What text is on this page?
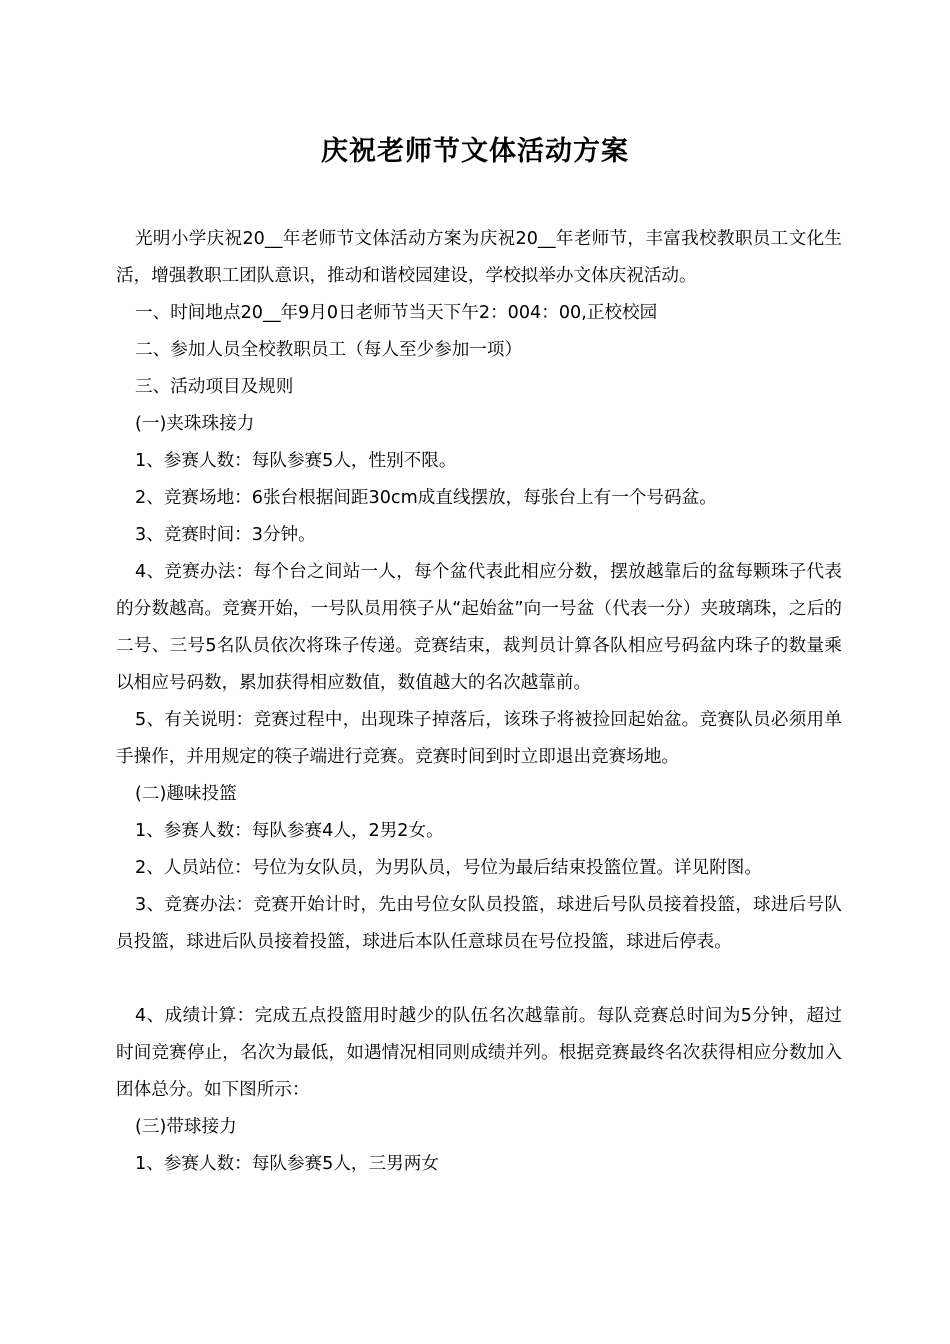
庆祝老师节文体活动方案

光明小学庆祝20__年老师节文体活动方案为庆祝20__年老师节，丰富我校教职员工文化生活，增强教职工团队意识，推动和谐校园建设，学校拟举办文体庆祝活动。

一、时间地点20__年9月0日老师节当天下午2：004：00,正校校园

二、参加人员全校教职员工（每人至少参加一项）

三、活动项目及规则

(一)夹珠珠接力

1、参赛人数：每队参赛5人，性别不限。

2、竞赛场地：6张台根据间距30cm成直线摆放，每张台上有一个号码盆。

3、竞赛时间：3分钟。

4、竞赛办法：每个台之间站一人，每个盆代表此相应分数，摆放越靠后的盆每颗珠子代表的分数越高。竞赛开始，一号队员用筷子从“起始盆”向一号盆（代表一分）夹玻璃珠，之后的二号、三号5名队员依次将珠子传递。竞赛结束，裁判员计算各队相应号码盆内珠子的数量乘以相应号码数，累加获得相应数值，数值越大的名次越靠前。

5、有关说明：竞赛过程中，出现珠子掉落后，该珠子将被捡回起始盆。竞赛队员必须用单手操作，并用规定的筷子端进行竞赛。竞赛时间到时立即退出竞赛场地。

(二)趣味投篮

1、参赛人数：每队参赛4人，2男2女。

2、人员站位：号位为女队员，为男队员，号位为最后结束投篮位置。详见附图。

3、竞赛办法：竞赛开始计时，先由号位女队员投篮，球进后号队员接着投篮，球进后号队员投篮，球进后队员接着投篮，球进后本队任意球员在号位投篮，球进后停表。

4、成绩计算：完成五点投篮用时越少的队伍名次越靠前。每队竞赛总时间为5分钟，超过时间竞赛停止，名次为最低，如遇情况相同则成绩并列。根据竞赛最终名次获得相应分数加入团体总分。如下图所示：

(三)带球接力

1、参赛人数：每队参赛5人，三男两女
